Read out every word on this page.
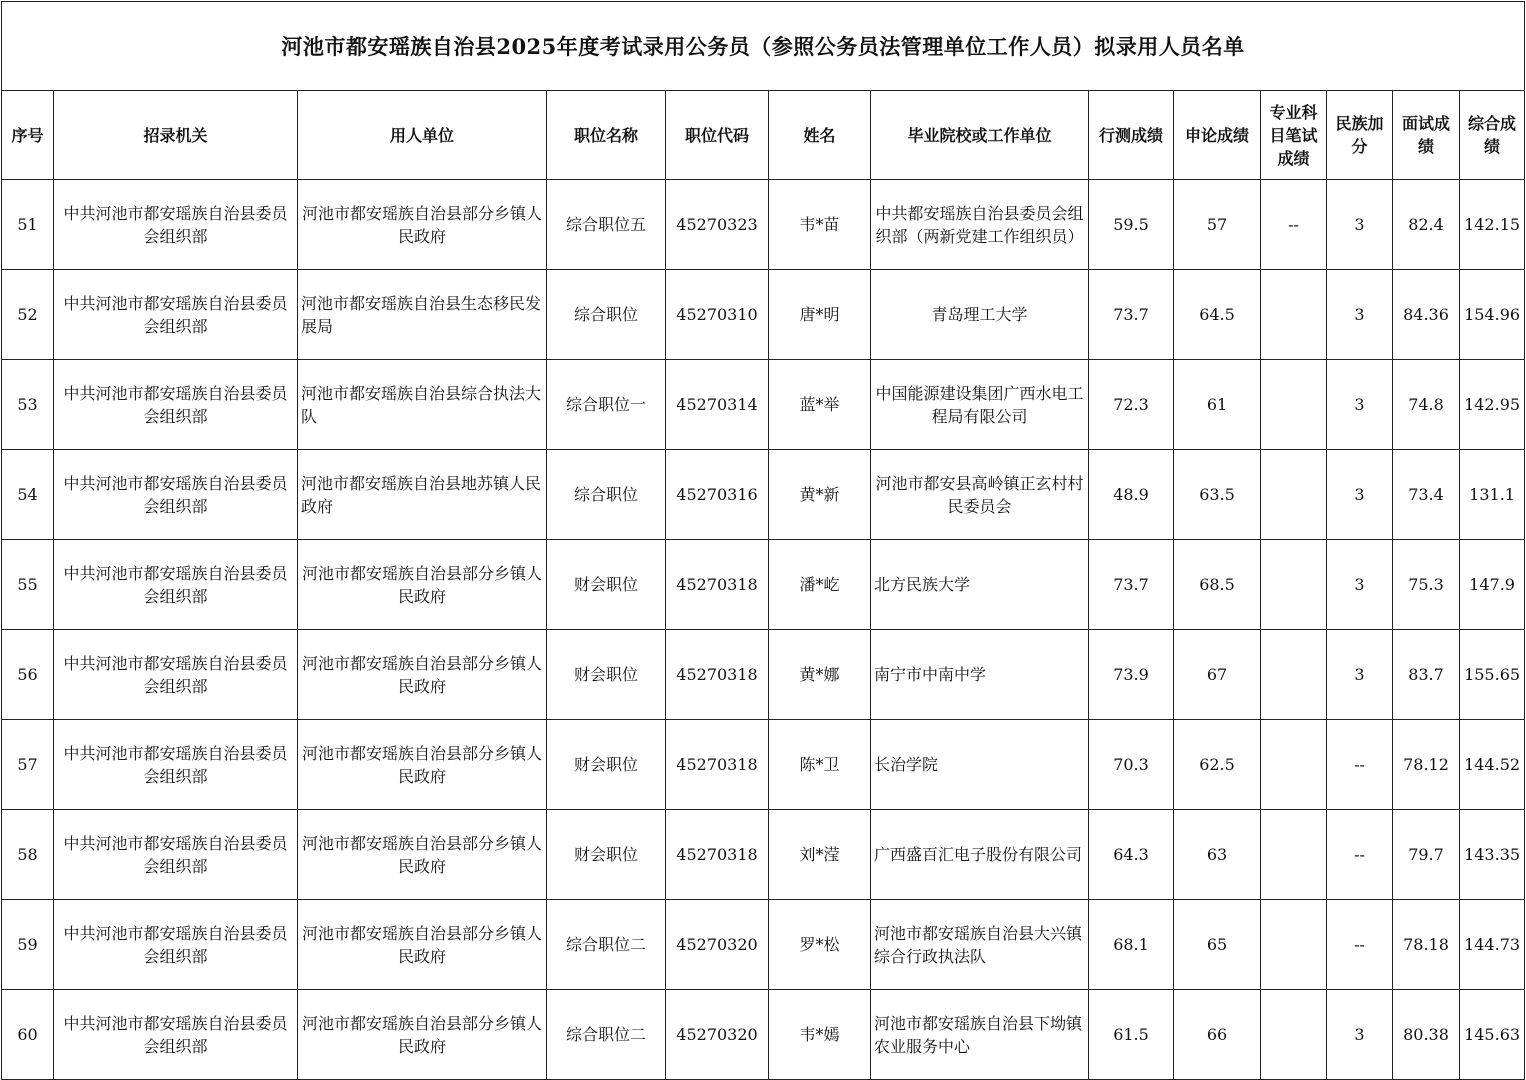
河池市都安瑶族自治县2025年度考试录用公务员（参照公务员法管理单位工作人员）拟录用人员名单												
序号	招录机关	用人单位	职位名称	职位代码	姓名	毕业院校或工作单位	行测成绩	申论成绩	专业科目笔试成绩	民族加分	面试成绩	综合成绩
51	中共河池市都安瑶族自治县委员会组织部	河池市都安瑶族自治县部分乡镇人民政府	综合职位五	45270323	韦*苗	中共都安瑶族自治县委员会组织部（两新党建工作组织员）	59.5	57	--	3	82.4	142.15
52	中共河池市都安瑶族自治县委员会组织部	河池市都安瑶族自治县生态移民发展局	综合职位	45270310	唐*明	青岛理工大学	73.7	64.5		3	84.36	154.96
53	中共河池市都安瑶族自治县委员会组织部	河池市都安瑶族自治县综合执法大队	综合职位一	45270314	蓝*举	中国能源建设集团广西水电工程局有限公司	72.3	61		3	74.8	142.95
54	中共河池市都安瑶族自治县委员会组织部	河池市都安瑶族自治县地苏镇人民政府	综合职位	45270316	黄*新	河池市都安县高岭镇正玄村村民委员会	48.9	63.5		3	73.4	131.1
55	中共河池市都安瑶族自治县委员会组织部	河池市都安瑶族自治县部分乡镇人民政府	财会职位	45270318	潘*屹	北方民族大学	73.7	68.5		3	75.3	147.9
56	中共河池市都安瑶族自治县委员会组织部	河池市都安瑶族自治县部分乡镇人民政府	财会职位	45270318	黄*娜	南宁市中南中学	73.9	67		3	83.7	155.65
57	中共河池市都安瑶族自治县委员会组织部	河池市都安瑶族自治县部分乡镇人民政府	财会职位	45270318	陈*卫	长治学院	70.3	62.5		--	78.12	144.52
58	中共河池市都安瑶族自治县委员会组织部	河池市都安瑶族自治县部分乡镇人民政府	财会职位	45270318	刘*滢	广西盛百汇电子股份有限公司	64.3	63		--	79.7	143.35
59	中共河池市都安瑶族自治县委员会组织部	河池市都安瑶族自治县部分乡镇人民政府	综合职位二	45270320	罗*松	河池市都安瑶族自治县大兴镇综合行政执法队	68.1	65		--	78.18	144.73
60	中共河池市都安瑶族自治县委员会组织部	河池市都安瑶族自治县部分乡镇人民政府	综合职位二	45270320	韦*嫣	河池市都安瑶族自治县下坳镇农业服务中心	61.5	66		3	80.38	145.63
